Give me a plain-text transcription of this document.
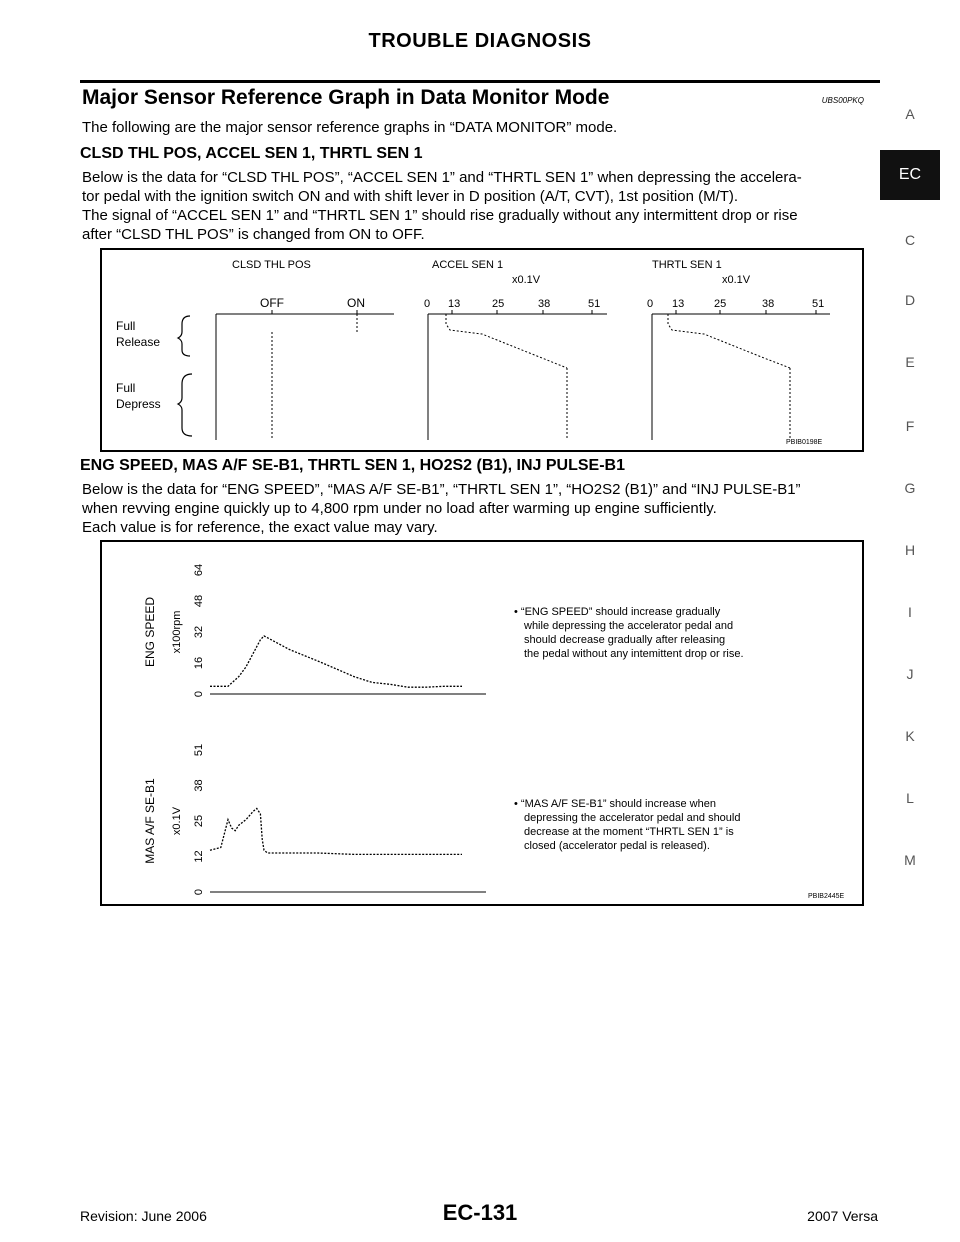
TROUBLE DIAGNOSIS
Major Sensor Reference Graph in Data Monitor Mode	UBS00PKQ

The following are the major sensor reference graphs in “DATA MONITOR” mode.

CLSD THL POS, ACCEL SEN 1, THRTL SEN 1

Below is the data for “CLSD THL POS”, “ACCEL SEN 1” and “THRTL SEN 1” when depressing the accelera-
tor pedal with the ignition switch ON and with shift lever in D position (A/T, CVT), 1st position (M/T).
The signal of “ACCEL SEN 1” and “THRTL SEN 1” should rise gradually without any intermittent drop or rise
after “CLSD THL POS” is changed from ON to OFF.
CLSD THL POS	ACCEL SEN 1	THRTL SEN 1
x0.1V	x0.1V
OFF	ON	0 13	25	38	51	0 13	25	38	51
Full
Release
Full
Depress
PBIB0198E

ENG SPEED, MAS A/F SE-B1, THRTL SEN 1, HO2S2 (B1), INJ PULSE-B1

Below is the data for “ENG SPEED”, “MAS A/F SE-B1”, “THRTL SEN 1”, “HO2S2 (B1)” and “INJ PULSE-B1”
when revving engine quickly up to 4,800 rpm under no load after warming up engine sufficiently.
Each value is for reference, the exact value may vary.
0
16
32
48
64
x100rpm
ENG SPEED
0
12
25
38
51
x0.1V
MAS A/F SE-B1
• “ENG SPEED” should increase gradually
while depressing the accelerator pedal and
should decrease gradually after releasing
the pedal without any intemittent drop or rise.
• “MAS A/F SE-B1” should increase when
depressing the accelerator pedal and should
decrease at the moment “THRTL SEN 1” is
closed (accelerator pedal is released).
PBIB2445E
A
EC
C
D
E
F
G
H
I
J
K
L
M
Revision: June 2006	EC-131	2007 Versa
